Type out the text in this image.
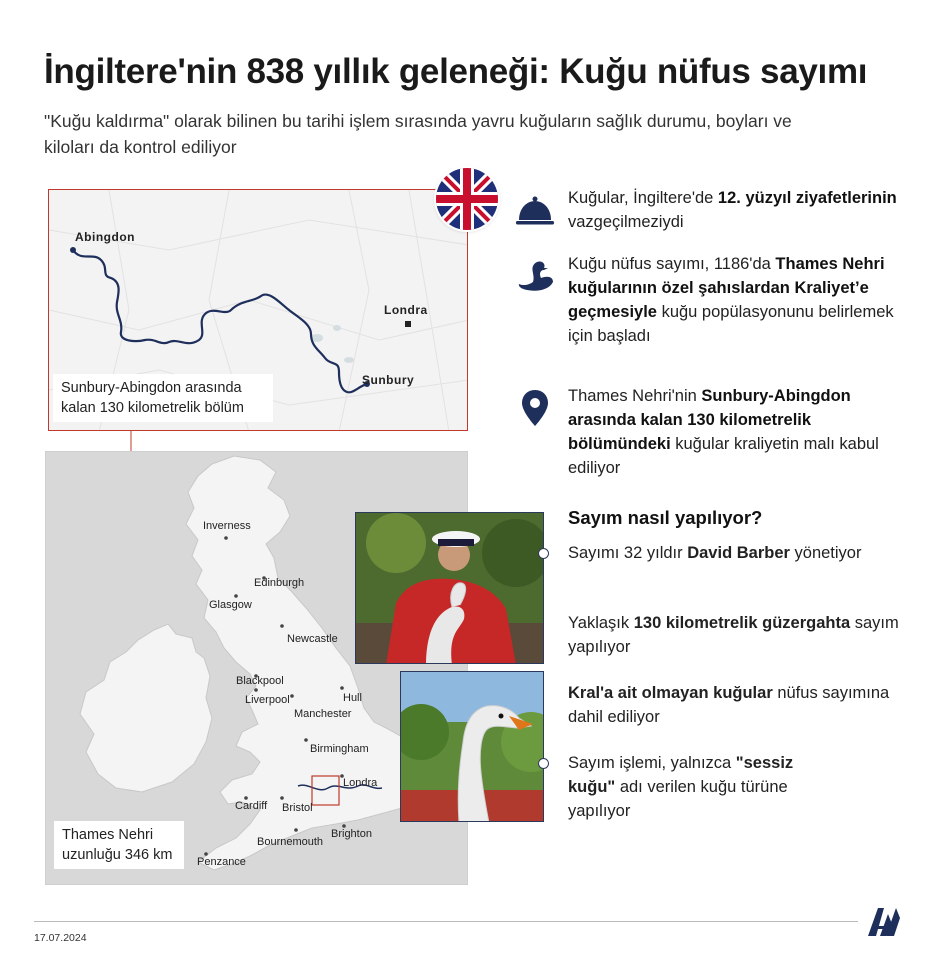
İngiltere'nin 838 yıllık geleneği: Kuğu nüfus sayımı
"Kuğu kaldırma" olarak bilinen bu tarihi işlem sırasında yavru kuğuların sağlık durumu, boyları ve kiloları da kontrol ediliyor
Abingdon
Londra
Sunbury
Sunbury-Abingdon arasında
kalan 130 kilometrelik bölüm
Inverness
Edinburgh
Glasgow
Newcastle
Blackpool
Liverpool	Hull
Manchester
Birmingham
Londra
Cardiff Bristol
Brighton
Bournemouth
Penzance
Thames Nehri
uzunluğu 346 km
Kuğular, İngiltere'de 12. yüzyıl ziyafetlerinin vazgeçilmeziydi
Kuğu nüfus sayımı, 1186'da Thames Nehri kuğularının özel şahıslardan Kraliyet’e geçmesiyle kuğu popülasyonunu belirlemek için başladı
Thames Nehri'nin Sunbury-Abingdon arasında kalan 130 kilometrelik bölümündeki kuğular kraliyetin malı kabul ediliyor
Sayım nasıl yapılıyor?
Sayımı 32 yıldır David Barber yönetiyor
Yaklaşık 130 kilometrelik güzergahta sayım yapılıyor
Kral'a ait olmayan kuğular nüfus sayımına dahil ediliyor
Sayım işlemi, yalnızca "sessiz kuğu" adı verilen kuğu türüne yapılıyor
17.07.2024
